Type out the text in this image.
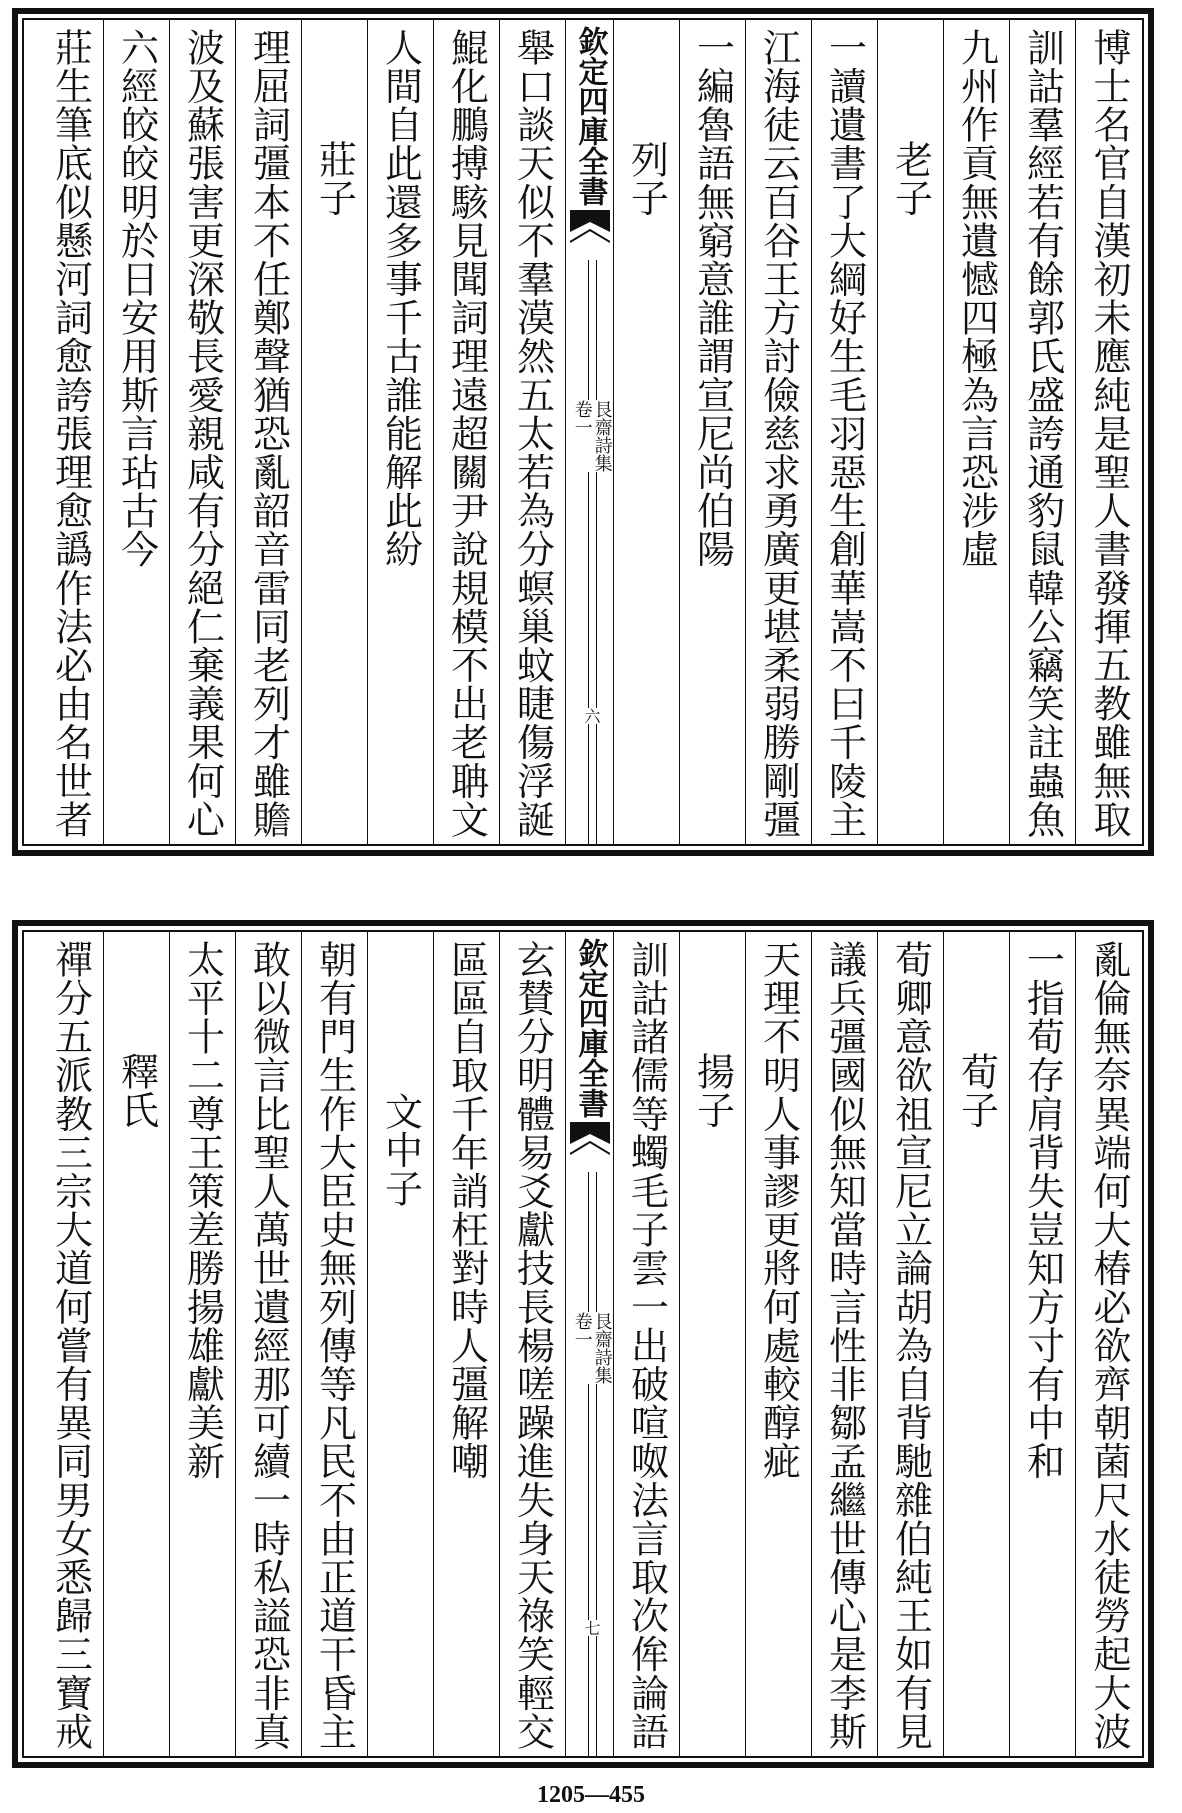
博士名官自漢初未應純是聖人書發揮五教雖無取
訓詁羣經若有餘郭氏盛誇通豹鼠韓公竊笑註蟲魚
九州作貢無遺憾四極為言恐涉虛
老子
一讀遺書了大綱好生毛羽惡生創華嵩不曰千陵主
江海徒云百谷王方討儉慈求勇廣更堪柔弱勝剛彊
一編魯語無窮意誰謂宣尼尚伯陽
列子
欽定四庫全書
艮齋詩集
卷一
六
舉口談天似不羣漠然五太若為分螟巢蚊睫傷浮誕
鯤化鵬搏駭見聞詞理遠超關尹說規模不出老聃文
人間自此還多事千古誰能解此紛
莊子
理屈詞彊本不任鄭聲猶恐亂韶音雷同老列才雖贍
波及蘇張害更深敬長愛親咸有分絕仁棄義果何心
六經皎皎明於日安用斯言玷古今
莊生筆底似懸河詞愈誇張理愈譌作法必由名世者
亂倫無奈異端何大椿必欲齊朝菌尺水徒勞起大波
一指荀存肩背失豈知方寸有中和
荀子
荀卿意欲祖宣尼立論胡為自背馳雜伯純王如有見
議兵彊國似無知當時言性非鄒孟繼世傳心是李斯
天理不明人事謬更將何處較醇疵
揚子
訓詁諸儒等蠋毛子雲一出破喧呶法言取次侔論語
欽定四庫全書
艮齋詩集
卷一
七
玄賛分明體易爻獻技長楊嗟躁進失身天祿笑輕交
區區自取千年誚枉對時人彊解嘲
文中子
朝有門生作大臣史無列傳等凡民不由正道干昏主
敢以微言比聖人萬世遺經那可續一時私謚恐非真
太平十二尊王策差勝揚雄獻美新
釋氏
禪分五派教三宗大道何嘗有異同男女悉歸三寶戒
1205—455
